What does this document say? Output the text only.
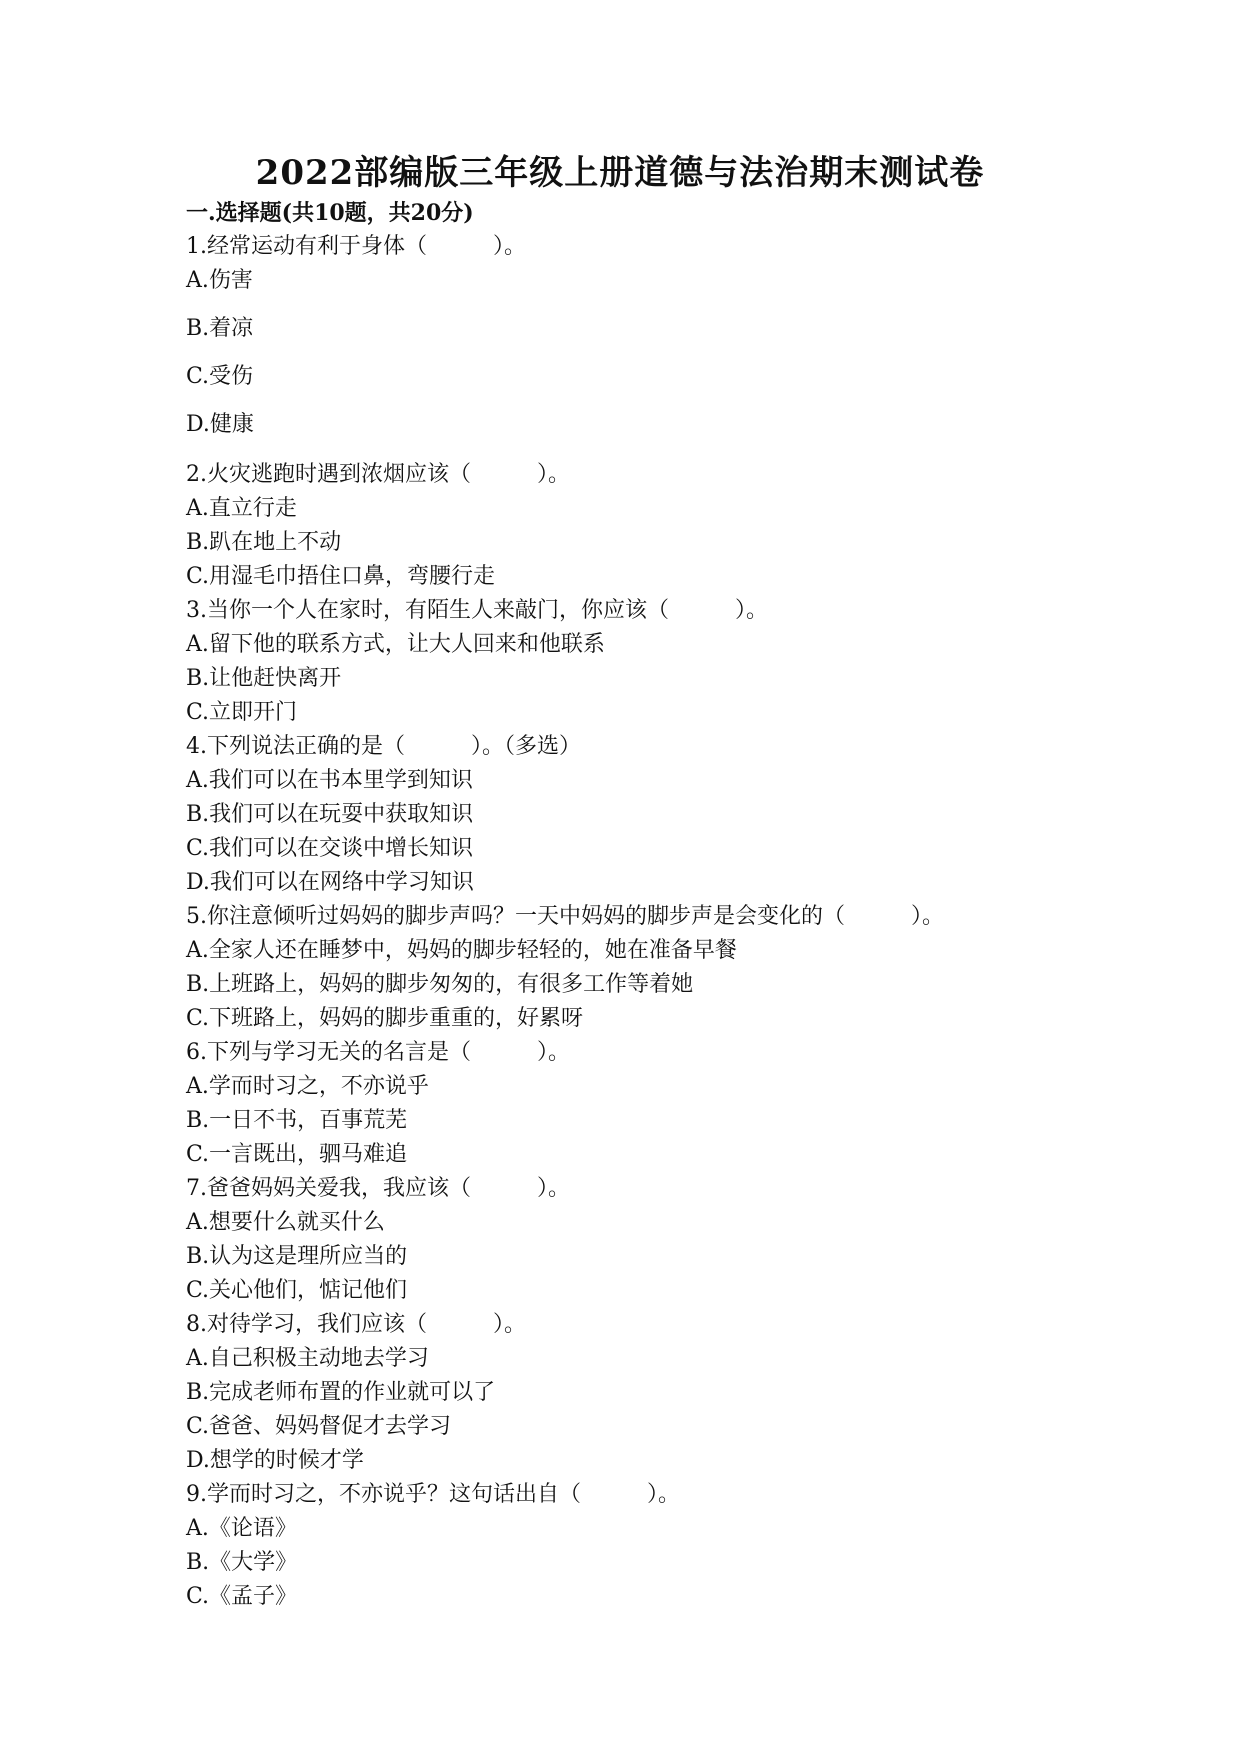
2022部编版三年级上册道德与法治期末测试卷
一.选择题(共10题，共20分)
1.经常运动有利于身体（　　　）。
A.伤害
B.着凉
C.受伤
D.健康
2.火灾逃跑时遇到浓烟应该（　　　）。
A.直立行走
B.趴在地上不动
C.用湿毛巾捂住口鼻，弯腰行走
3.当你一个人在家时，有陌生人来敲门，你应该（　　　）。
A.留下他的联系方式，让大人回来和他联系
B.让他赶快离开
C.立即开门
4.下列说法正确的是（　　　）。（多选）
A.我们可以在书本里学到知识
B.我们可以在玩耍中获取知识
C.我们可以在交谈中增长知识
D.我们可以在网络中学习知识
5.你注意倾听过妈妈的脚步声吗？一天中妈妈的脚步声是会变化的（　　　）。
A.全家人还在睡梦中，妈妈的脚步轻轻的，她在准备早餐
B.上班路上，妈妈的脚步匆匆的，有很多工作等着她
C.下班路上，妈妈的脚步重重的，好累呀
6.下列与学习无关的名言是（　　　）。
A.学而时习之，不亦说乎
B.一日不书，百事荒芜
C.一言既出，驷马难追
7.爸爸妈妈关爱我，我应该（　　　）。
A.想要什么就买什么
B.认为这是理所应当的
C.关心他们，惦记他们
8.对待学习，我们应该（　　　）。
A.自己积极主动地去学习
B.完成老师布置的作业就可以了
C.爸爸、妈妈督促才去学习
D.想学的时候才学
9.学而时习之，不亦说乎？这句话出自（　　　）。
A.《论语》
B.《大学》
C.《孟子》
